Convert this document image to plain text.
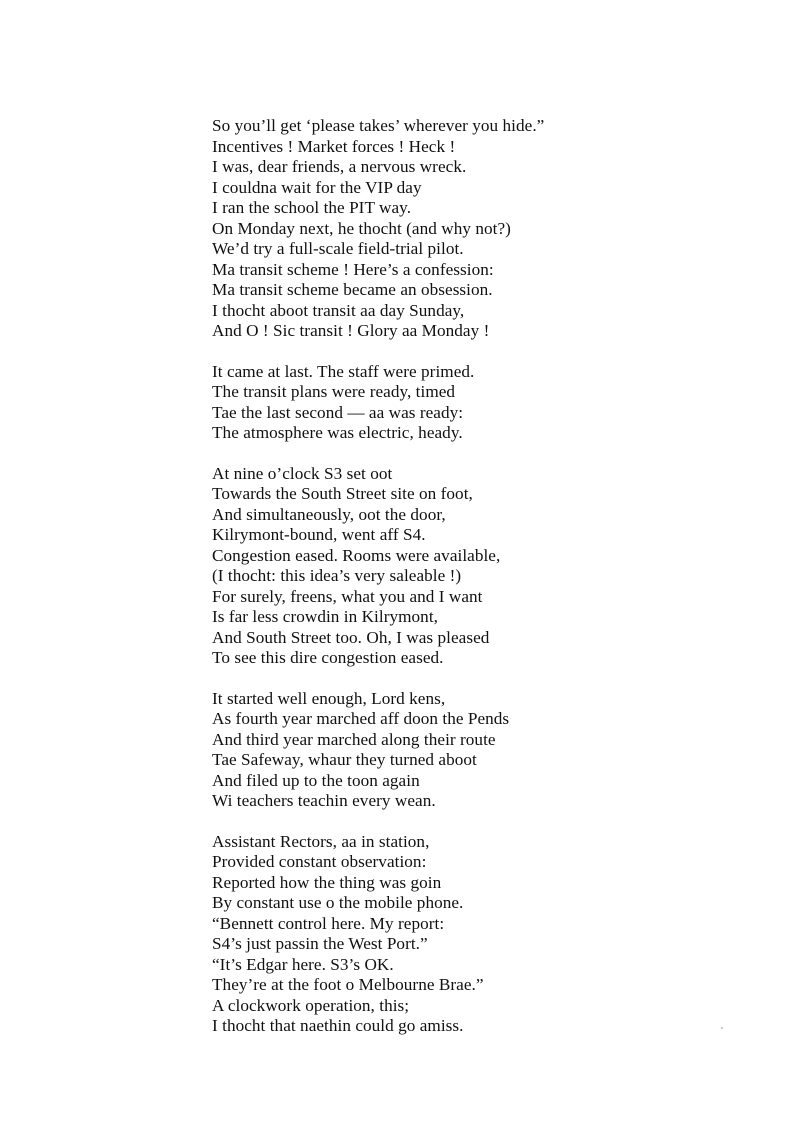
So you’ll get ‘please takes’ wherever you hide.”
Incentives ! Market forces ! Heck !
I was, dear friends, a nervous wreck.
I couldna wait for the VIP day
I ran the school the PIT way.
On Monday next, he thocht (and why not?)
We’d try a full-scale field-trial pilot.
Ma transit scheme ! Here’s a confession:
Ma transit scheme became an obsession.
I thocht aboot transit aa day Sunday,
And O ! Sic transit ! Glory aa Monday !
It came at last. The staff were primed.
The transit plans were ready, timed
Tae the last second — aa was ready:
The atmosphere was electric, heady.
At nine o’clock S3 set oot
Towards the South Street site on foot,
And simultaneously, oot the door,
Kilrymont-bound, went aff S4.
Congestion eased. Rooms were available,
(I thocht: this idea’s very saleable !)
For surely, freens, what you and I want
Is far less crowdin in Kilrymont,
And South Street too. Oh, I was pleased
To see this dire congestion eased.
It started well enough, Lord kens,
As fourth year marched aff doon the Pends
And third year marched along their route
Tae Safeway, whaur they turned aboot
And filed up to the toon again
Wi teachers teachin every wean.
Assistant Rectors, aa in station,
Provided constant observation:
Reported how the thing was goin
By constant use o the mobile phone.
“Bennett control here. My report:
S4’s just passin the West Port.”
“It’s Edgar here. S3’s OK.
They’re at the foot o Melbourne Brae.”
A clockwork operation, this;
I thocht that naethin could go amiss.
